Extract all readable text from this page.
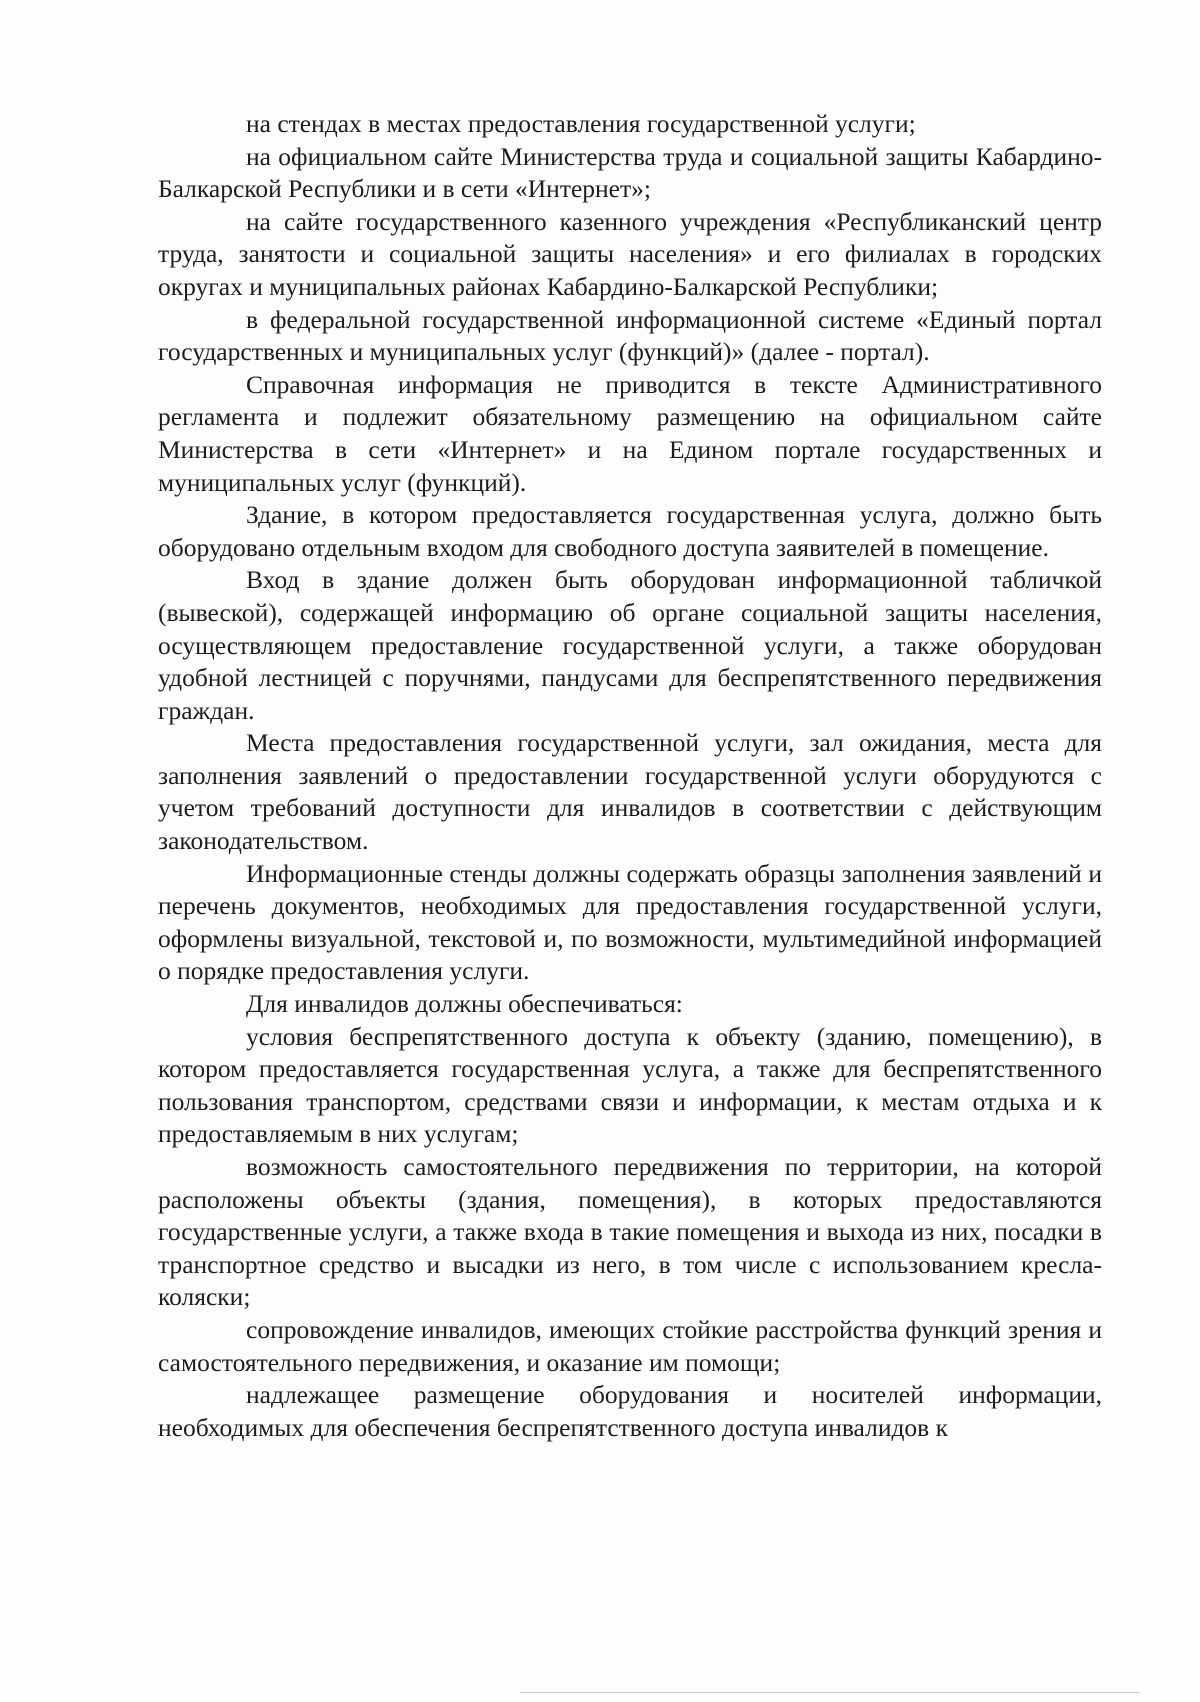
на стендах в местах предоставления государственной услуги;

на официальном сайте Министерства труда и социальной защиты Кабардино-Балкарской Республики и в сети «Интернет»;

на сайте государственного казенного учреждения «Республиканский центр труда, занятости и социальной защиты населения» и его филиалах в городских округах и муниципальных районах Кабардино-Балкарской Республики;

в федеральной государственной информационной системе «Единый портал государственных и муниципальных услуг (функций)» (далее - портал).

Справочная информация не приводится в тексте Административного регламента и подлежит обязательному размещению на официальном сайте Министерства в сети «Интернет» и на Едином портале государственных и муниципальных услуг (функций).

Здание, в котором предоставляется государственная услуга, должно быть оборудовано отдельным входом для свободного доступа заявителей в помещение.

Вход в здание должен быть оборудован информационной табличкой (вывеской), содержащей информацию об органе социальной защиты населения, осуществляющем предоставление государственной услуги, а также оборудован удобной лестницей с поручнями, пандусами для беспрепятственного передвижения граждан.

Места предоставления государственной услуги, зал ожидания, места для заполнения заявлений о предоставлении государственной услуги оборудуются с учетом требований доступности для инвалидов в соответствии с действующим законодательством.

Информационные стенды должны содержать образцы заполнения заявлений и перечень документов, необходимых для предоставления государственной услуги, оформлены визуальной, текстовой и, по возможности, мультимедийной информацией о порядке предоставления услуги.

Для инвалидов должны обеспечиваться:

условия беспрепятственного доступа к объекту (зданию, помещению), в котором предоставляется государственная услуга, а также для беспрепятственного пользования транспортом, средствами связи и информации, к местам отдыха и к предоставляемым в них услугам;

возможность самостоятельного передвижения по территории, на которой расположены объекты (здания, помещения), в которых предоставляются государственные услуги, а также входа в такие помещения и выхода из них, посадки в транспортное средство и высадки из него, в том числе с использованием кресла-коляски;

сопровождение инвалидов, имеющих стойкие расстройства функций зрения и самостоятельного передвижения, и оказание им помощи;

надлежащее размещение оборудования и носителей информации, необходимых для обеспечения беспрепятственного доступа инвалидов к
